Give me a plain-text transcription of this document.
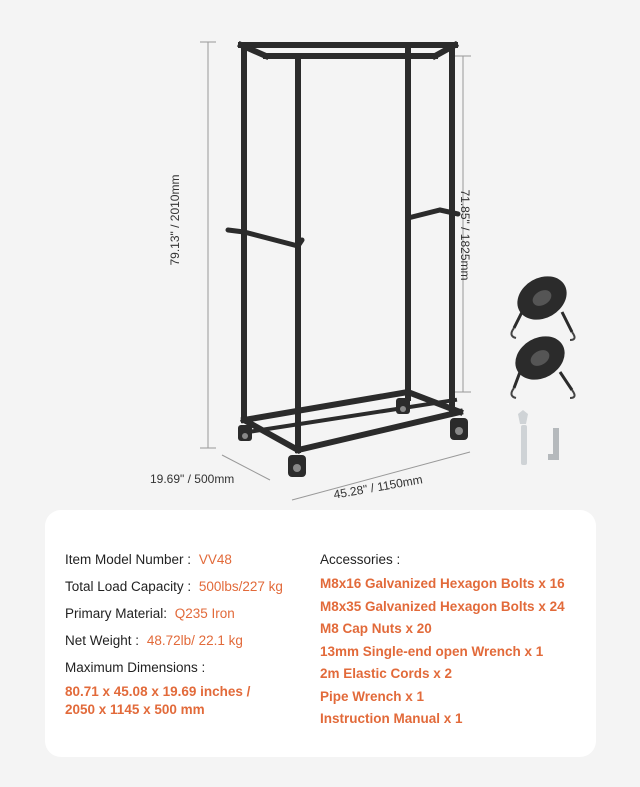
79.13" / 2010mm	71.85" / 1825mm
19.69" / 500mm	45.28" / 1150mm
Item Model Number : VV48
Total Load Capacity : 500lbs/227 kg
Primary Material: Q235 Iron
Net Weight : 48.72lb/ 22.1 kg
Maximum Dimensions :
80.71 x 45.08 x 19.69 inches /
2050 x 1145 x 500 mm
Accessories :
M8x16 Galvanized Hexagon Bolts x 16
M8x35 Galvanized Hexagon Bolts x 24
M8 Cap Nuts x 20
13mm Single-end open Wrench x 1
2m Elastic Cords x 2
Pipe Wrench x 1
Instruction Manual x 1
